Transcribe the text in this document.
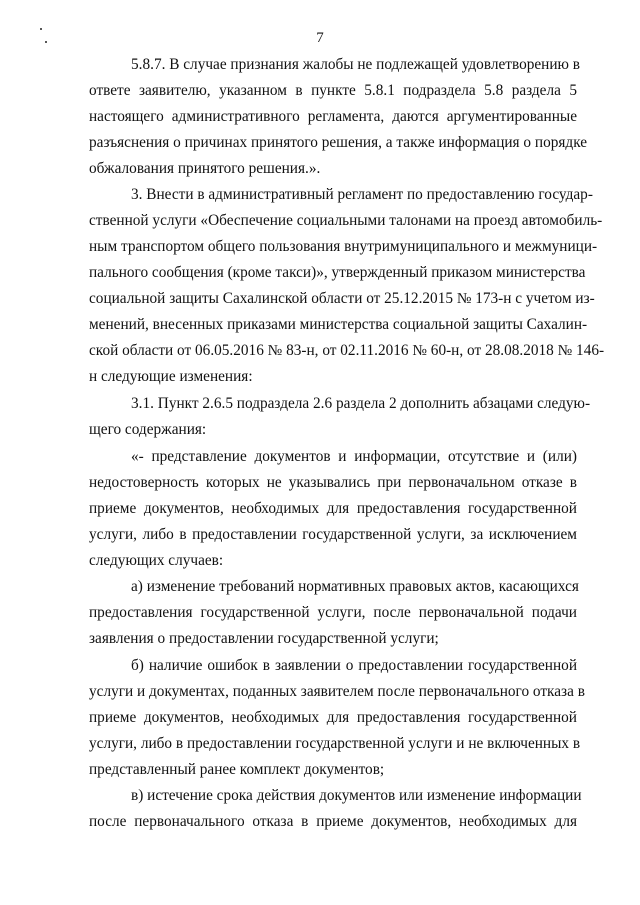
7
5.8.7. В случае признания жалобы не подлежащей удовлетворению в
ответе заявителю, указанном в пункте 5.8.1 подраздела 5.8 раздела 5
настоящего административного регламента, даются аргументированные
разъяснения о причинах принятого решения, а также информация о порядке
обжалования принятого решения.».
3. Внести в административный регламент по предоставлению государ-
ственной услуги «Обеспечение социальными талонами на проезд автомобиль-
ным транспортом общего пользования внутримуниципального и межмуници-
пального сообщения (кроме такси)», утвержденный приказом министерства
социальной защиты Сахалинской области от 25.12.2015 № 173-н с учетом из-
менений, внесенных приказами министерства социальной защиты Сахалин-
ской области от 06.05.2016 № 83-н, от 02.11.2016 № 60-н, от 28.08.2018 № 146-
н следующие изменения:
3.1. Пункт 2.6.5 подраздела 2.6 раздела 2 дополнить абзацами следую-
щего содержания:
«- представление документов и информации, отсутствие и (или)
недостоверность которых не указывались при первоначальном отказе в
приеме документов, необходимых для предоставления государственной
услуги, либо в предоставлении государственной услуги, за исключением
следующих случаев:
а) изменение требований нормативных правовых актов, касающихся
предоставления государственной услуги, после первоначальной подачи
заявления о предоставлении государственной услуги;
б) наличие ошибок в заявлении о предоставлении государственной
услуги и документах, поданных заявителем после первоначального отказа в
приеме документов, необходимых для предоставления государственной
услуги, либо в предоставлении государственной услуги и не включенных в
представленный ранее комплект документов;
в) истечение срока действия документов или изменение информации
после первоначального отказа в приеме документов, необходимых для
